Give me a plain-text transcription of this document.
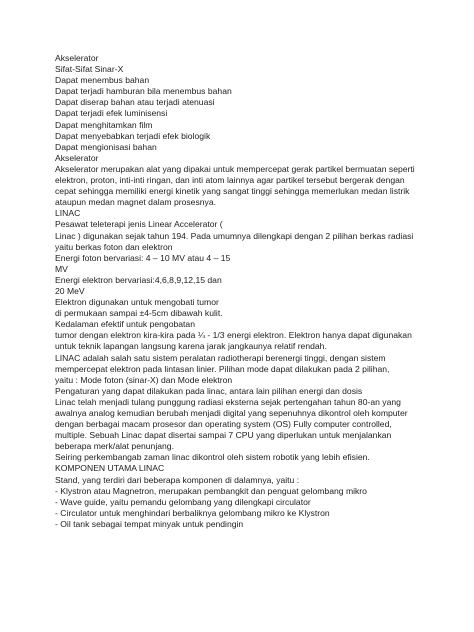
Akselerator
Sifat-Sifat Sinar-X
Dapat menembus bahan
Dapat terjadi hamburan bila menembus bahan
Dapat diserap bahan atau terjadi atenuasi
Dapat terjadi efek luminisensi
Dapat menghitamkan film
Dapat menyebabkan terjadi efek biologik
Dapat mengionisasi bahan
Akselerator
Akselerator merupakan alat yang dipakai untuk mempercepat gerak partikel bermuatan seperti
elektron, proton, inti-inti ringan, dan inti atom lainnya agar partikel tersebut bergerak dengan
cepat sehingga memiliki energi kinetik yang sangat tinggi sehingga memerlukan medan listrik
ataupun medan magnet dalam prosesnya.
LINAC
Pesawat teleterapi jenis Linear Accelerator (
Linac ) digunakan sejak tahun 194. Pada umumnya dilengkapi dengan 2 pilihan berkas radiasi
yaitu berkas foton dan elektron
Energi foton bervariasi: 4 – 10 MV atau 4 – 15
MV
Energi elektron bervariasi:4,6,8,9,12,15 dan
20 MeV
Elektron digunakan untuk mengobati tumor
di permukaan sampai ±4-5cm dibawah kulit.
Kedalaman efektif untuk pengobatan
tumor dengan elektron kira-kira pada ¼ - 1/3 energi elektron. Elektron hanya dapat digunakan
untuk teknik lapangan langsung karena jarak jangkaunya relatif rendah.
LINAC adalah salah satu sistem peralatan radiotherapi berenergi tinggi, dengan sistem
mempercepat elektron pada lintasan linier. Pilihan mode dapat dilakukan pada 2 pilihan,
yaitu : Mode foton (sinar-X) dan Mode elektron
Pengaturan yang dapat dilakukan pada linac, antara lain pilihan energi dan dosis
Linac telah menjadi tulang punggung radiasi eksterna sejak pertengahan tahun 80-an yang
awalnya analog kemudian berubah menjadi digital yang sepenuhnya dikontrol oleh komputer
dengan berbagai macam prosesor dan operating system (OS) Fully computer controlled,
multiple. Sebuah Linac dapat disertai sampai 7 CPU yang diperlukan untuk menjalankan
beberapa merk/alat penunjang.
Seiring perkembangab zaman linac dikontrol oleh sistem robotik yang lebih efisien.
KOMPONEN UTAMA LINAC
Stand, yang terdiri dari beberapa komponen di dalamnya, yaitu :
- Klystron atau Magnetron, merupakan pembangkit dan penguat gelombang mikro
- Wave guide, yaitu pemandu gelombang yang dilengkapi circulator
- Circulator untuk menghindari berbaliknya gelombang mikro ke Klystron
- Oil tank sebagai tempat minyak untuk pendingin
